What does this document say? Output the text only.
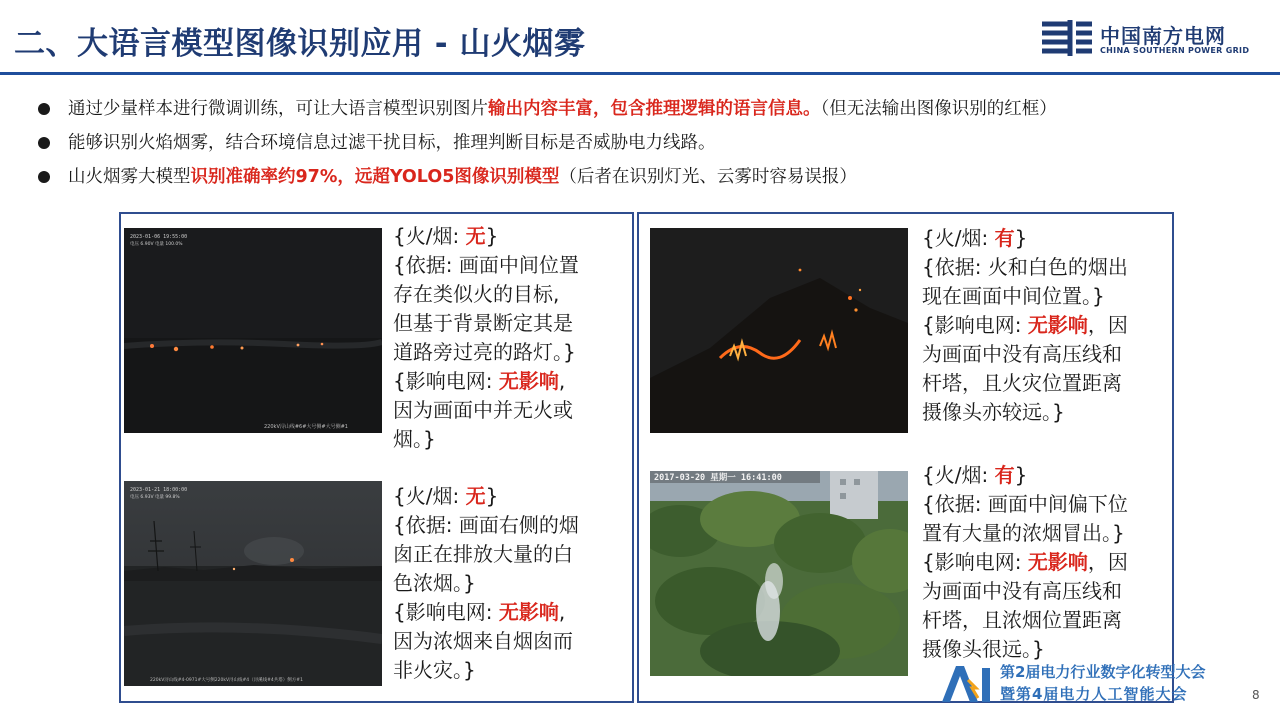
二、大语言模型图像识别应用 - 山火烟雾	中国南方电网
CHINA SOUTHERN POWER GRID
通过少量样本进行微调训练，可让大语言模型识别图片输出内容丰富，包含推理逻辑的语言信息。（但无法输出图像识别的红框）
能够识别火焰烟雾，结合环境信息过滤干扰目标，推理判断目标是否威胁电力线路。
山火烟雾大模型识别准确率约97%，远超YOLO5图像识别模型（后者在识别灯光、云雾时容易误报）
2023-01-06 19:55:00
电压 6.90V 电量 100.0%
220kV浔山线#6#大号侧#大号侧#1
2023-01-21 18:00:00
电压 6.93V 电量 99.8%
220kV浔山线#4-0971#大号侧220kV浔山线#4（浔溪线#4共塔）侧方#1
2017-03-20 星期一 16:41:00
{火/烟: 无}
{依据: 画面中间位置
存在类似火的目标,
但基于背景断定其是
道路旁过亮的路灯。}
{影响电网: 无影响,
因为画面中并无火或
烟。}
{火/烟: 无}
{依据: 画面右侧的烟
囱正在排放大量的白
色浓烟。}
{影响电网: 无影响,
因为浓烟来自烟囱而
非火灾。}
{火/烟: 有}
{依据: 火和白色的烟出
现在画面中间位置。}
{影响电网: 无影响，因
为画面中没有高压线和
杆塔，且火灾位置距离
摄像头亦较远。}
{火/烟: 有}
{依据: 画面中间偏下位
置有大量的浓烟冒出。}
{影响电网: 无影响，因
为画面中没有高压线和
杆塔，且浓烟位置距离
摄像头很远。}
第2届电力行业数字化转型大会
暨第4届电力人工智能大会	8
